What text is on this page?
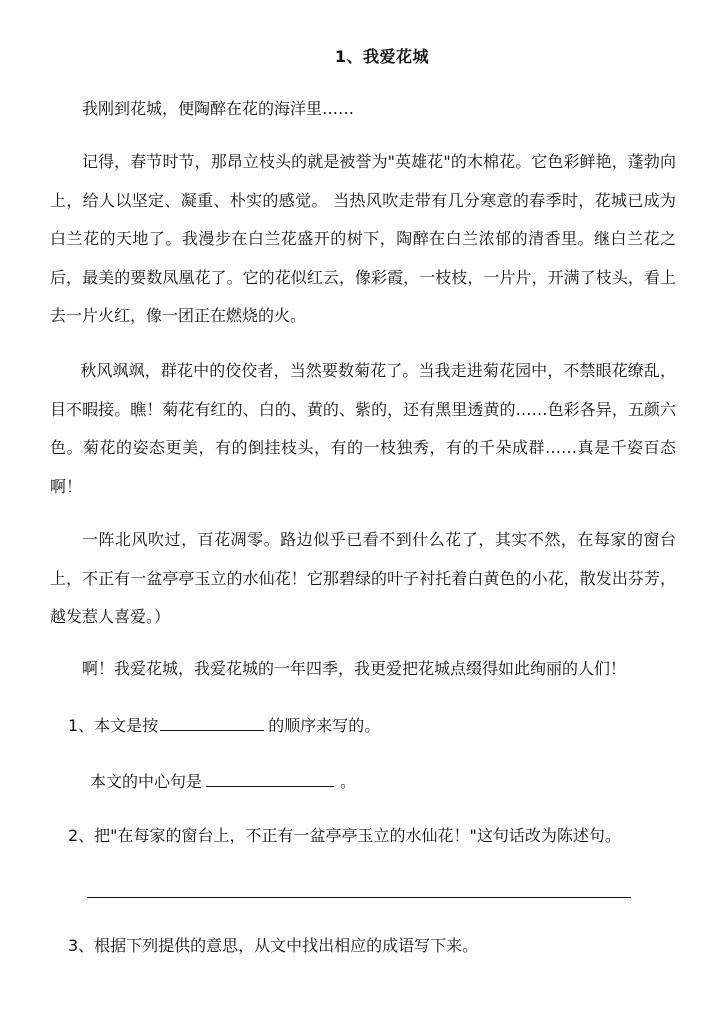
1、我爱花城

我刚到花城，便陶醉在花的海洋里……

记得，春节时节，那昂立枝头的就是被誉为"英雄花"的木棉花。它色彩鲜艳，蓬勃向上，给人以坚定、凝重、朴实的感觉。 当热风吹走带有几分寒意的春季时，花城已成为白兰花的天地了。我漫步在白兰花盛开的树下，陶醉在白兰浓郁的清香里。继白兰花之后，最美的要数凤凰花了。它的花似红云，像彩霞，一枝枝，一片片，开满了枝头，看上去一片火红，像一团正在燃烧的火。

秋风飒飒，群花中的佼佼者，当然要数菊花了。当我走进菊花园中，不禁眼花缭乱，目不暇接。瞧！菊花有红的、白的、黄的、紫的，还有黑里透黄的……色彩各异，五颜六色。菊花的姿态更美，有的倒挂枝头，有的一枝独秀，有的千朵成群……真是千姿百态啊！

一阵北风吹过，百花凋零。路边似乎已看不到什么花了，其实不然，在每家的窗台上，不正有一盆亭亭玉立的水仙花！它那碧绿的叶子衬托着白黄色的小花，散发出芬芳，越发惹人喜爱。）

啊！我爱花城，我爱花城的一年四季，我更爱把花城点缀得如此绚丽的人们！

1、本文是按	的顺序来写的。
本文的中心句是	。
2、把"在每家的窗台上，不正有一盆亭亭玉立的水仙花！"这句话改为陈述句。
3、根据下列提供的意思，从文中找出相应的成语写下来。
